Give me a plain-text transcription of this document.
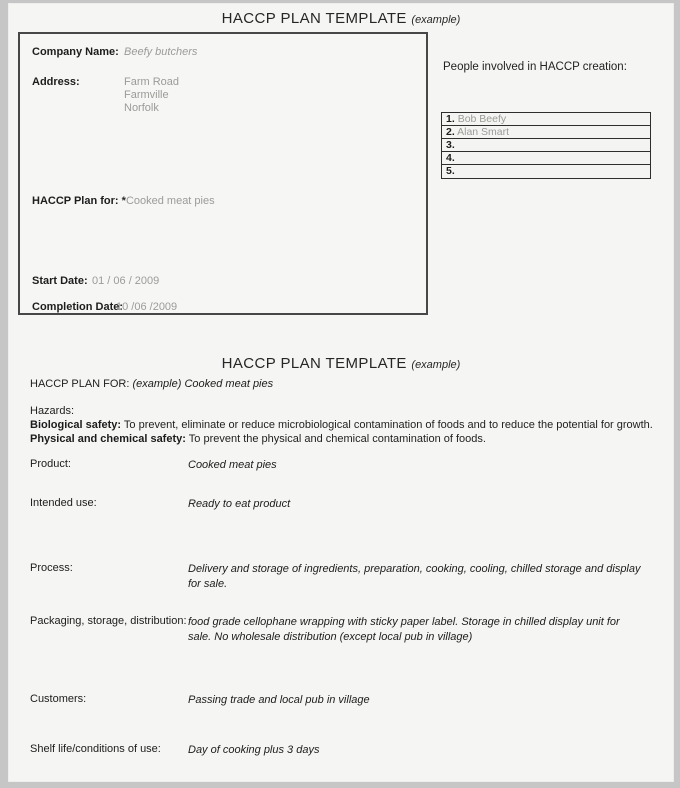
HACCP PLAN TEMPLATE (example)
Company Name: Beefy butchers
Address:	Farm Road
Farmville
Norfolk
HACCP Plan for: *Cooked meat pies
Start Date: 01 / 06 / 2009
Completion Date:
10 /06 /2009
People involved in HACCP creation:
1. Bob Beefy
2. Alan Smart
3.
4.
5.
HACCP PLAN TEMPLATE (example)
HACCP PLAN FOR: (example) Cooked meat pies
Hazards:
Biological safety: To prevent, eliminate or reduce microbiological contamination of foods and to reduce the potential for growth.
Physical and chemical safety: To prevent the physical and chemical contamination of foods.
Product:	Cooked meat pies
Intended use:	Ready to eat product
Process:	Delivery and storage of ingredients, preparation, cooking, cooling, chilled storage and display for sale.
Packaging, storage, distribution: food grade cellophane wrapping with sticky paper label. Storage in chilled display unit for sale. No wholesale distribution (except local pub in village)
Customers:	Passing trade and local pub in village
Shelf life/conditions of use: Day of cooking plus 3 days
